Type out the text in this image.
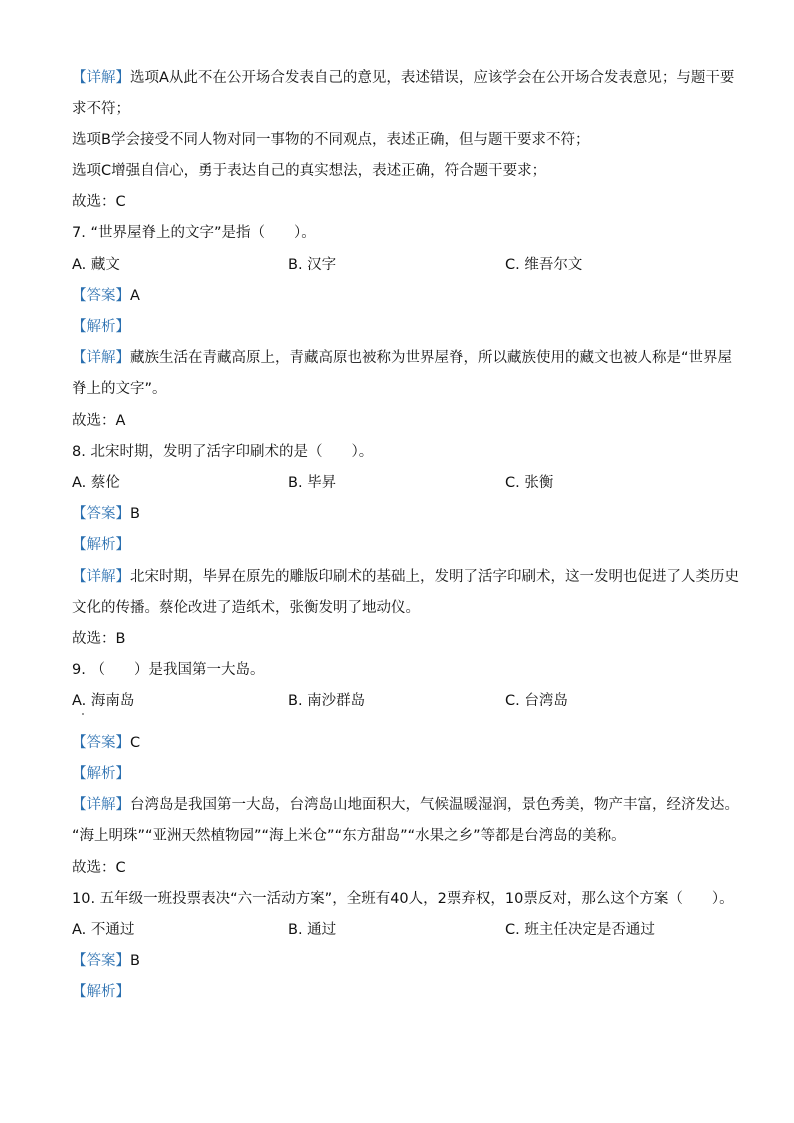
【详解】选项A从此不在公开场合发表自己的意见，表述错误，应该学会在公开场合发表意见；与题干要
求不符；
选项B学会接受不同人物对同一事物的不同观点，表述正确，但与题干要求不符；
选项C增强自信心，勇于表达自己的真实想法，表述正确，符合题干要求；
故选：C
7. “世界屋脊上的文字”是指（　　）。
A. 藏文	B. 汉字	C. 维吾尔文
【答案】A
【解析】
【详解】藏族生活在青藏高原上，青藏高原也被称为世界屋脊，所以藏族使用的藏文也被人称是“世界屋
脊上的文字”。
故选：A
8. 北宋时期，发明了活字印刷术的是（　　）。
A. 蔡伦	B. 毕昇	C. 张衡
【答案】B
【解析】
【详解】北宋时期，毕昇在原先的雕版印刷术的基础上，发明了活字印刷术，这一发明也促进了人类历史
文化的传播。蔡伦改进了造纸术，张衡发明了地动仪。
故选：B
9. （　　）是我国第一大岛。
A. 海南岛	B. 南沙群岛	C. 台湾岛
【答案】C
【解析】
【详解】台湾岛是我国第一大岛，台湾岛山地面积大，气候温暖湿润，景色秀美，物产丰富，经济发达。
“海上明珠”“亚洲天然植物园”“海上米仓”“东方甜岛”“水果之乡”等都是台湾岛的美称。
故选：C
10. 五年级一班投票表决“六一活动方案”，全班有40人，2票弃权，10票反对，那么这个方案（　　）。
A. 不通过	B. 通过	C. 班主任决定是否通过
【答案】B
【解析】
